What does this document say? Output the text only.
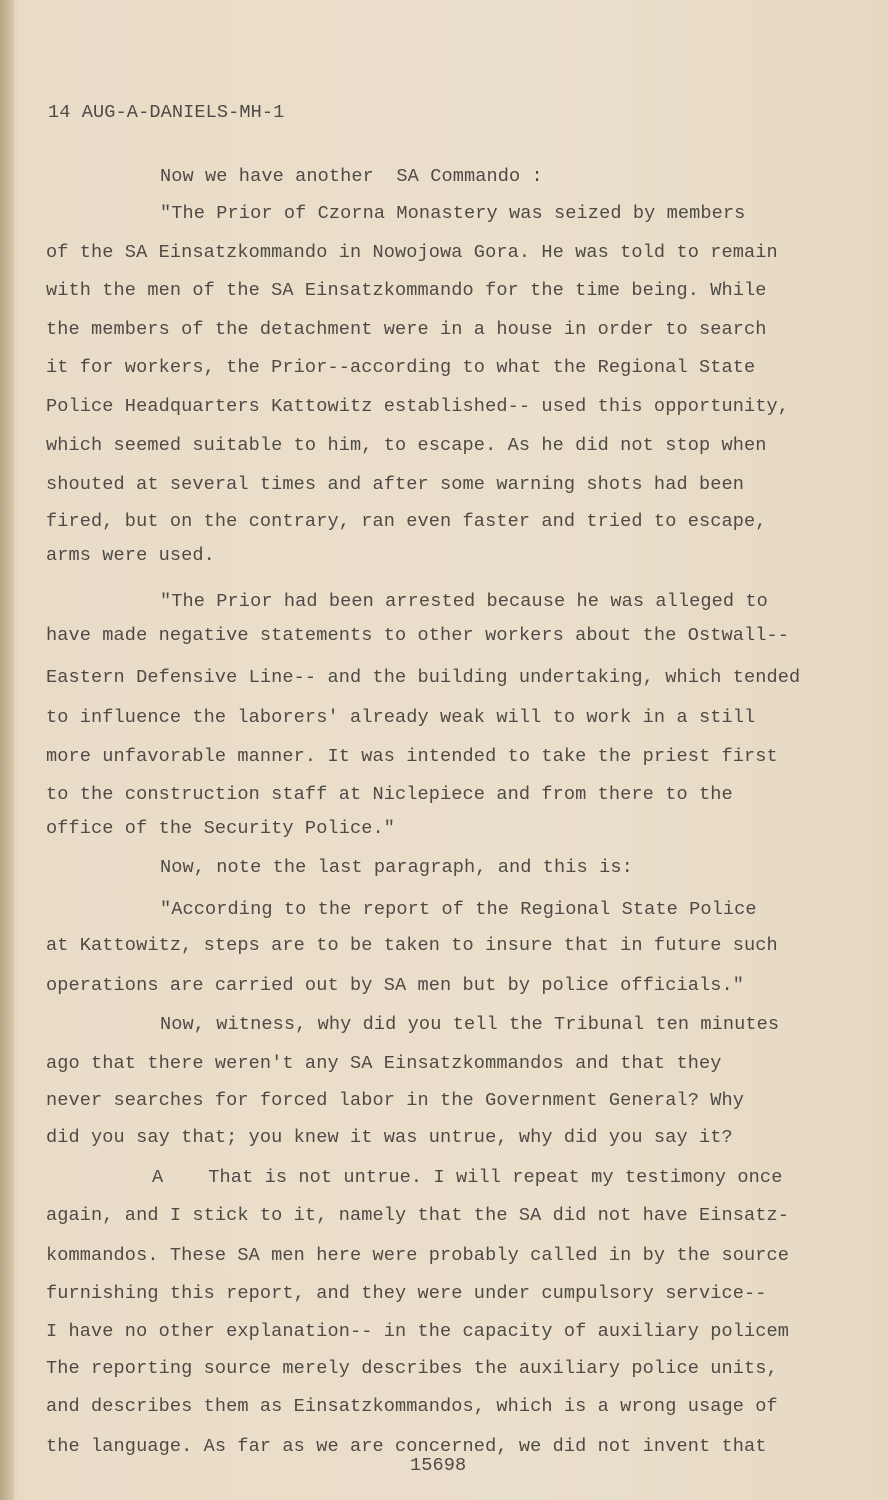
14 AUG-A-DANIELS-MH-1
Now we have another  SA Commando :
"The Prior of Czorna Monastery was seized by members
of the SA Einsatzkommando in Nowojowa Gora. He was told to remain
with the men of the SA Einsatzkommando for the time being. While
the members of the detachment were in a house in order to search
it for workers, the Prior--according to what the Regional State
Police Headquarters Kattowitz established-- used this opportunity,
which seemed suitable to him, to escape. As he did not stop when
shouted at several times and after some warning shots had been
fired, but on the contrary, ran even faster and tried to escape,
arms were used.
"The Prior had been arrested because he was alleged to
have made negative statements to other workers about the Ostwall--
Eastern Defensive Line-- and the building undertaking, which tended
to influence the laborers' already weak will to work in a still
more unfavorable manner. It was intended to take the priest first
to the construction staff at Niclepiece and from there to the
office of the Security Police."
Now, note the last paragraph, and this is:
"According to the report of the Regional State Police
at Kattowitz, steps are to be taken to insure that in future such
operations are carried out by SA men but by police officials."
Now, witness, why did you tell the Tribunal ten minutes
ago that there weren't any SA Einsatzkommandos and that they
never searches for forced labor in the Government General? Why
did you say that; you knew it was untrue, why did you say it?
A    That is not untrue. I will repeat my testimony once
again, and I stick to it, namely that the SA did not have Einsatz-
kommandos. These SA men here were probably called in by the source
furnishing this report, and they were under cumpulsory service--
I have no other explanation-- in the capacity of auxiliary policem
The reporting source merely describes the auxiliary police units,
and describes them as Einsatzkommandos, which is a wrong usage of
the language. As far as we are concerned, we did not invent that
15698
